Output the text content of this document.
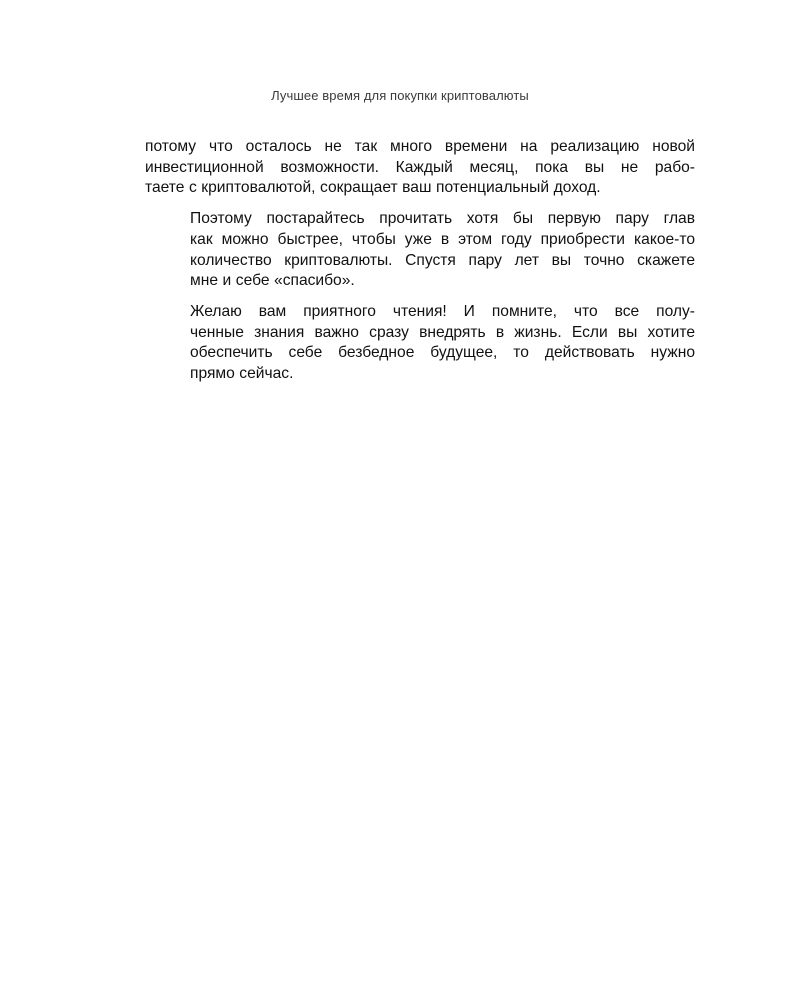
Лучшее время для покупки криптовалюты

потому что осталось не так много времени на реализацию новой
инвестиционной возможности. Каждый месяц, пока вы не рабо-
таете с криптовалютой, сокращает ваш потенциальный доход.

Поэтому постарайтесь прочитать хотя бы первую пару глав
как можно быстрее, чтобы уже в этом году приобрести какое-то
количество криптовалюты. Спустя пару лет вы точно скажете
мне и себе «спасибо».

Желаю вам приятного чтения! И помните, что все полу-
ченные знания важно сразу внедрять в жизнь. Если вы хотите
обеспечить себе безбедное будущее, то действовать нужно
прямо сейчас.
